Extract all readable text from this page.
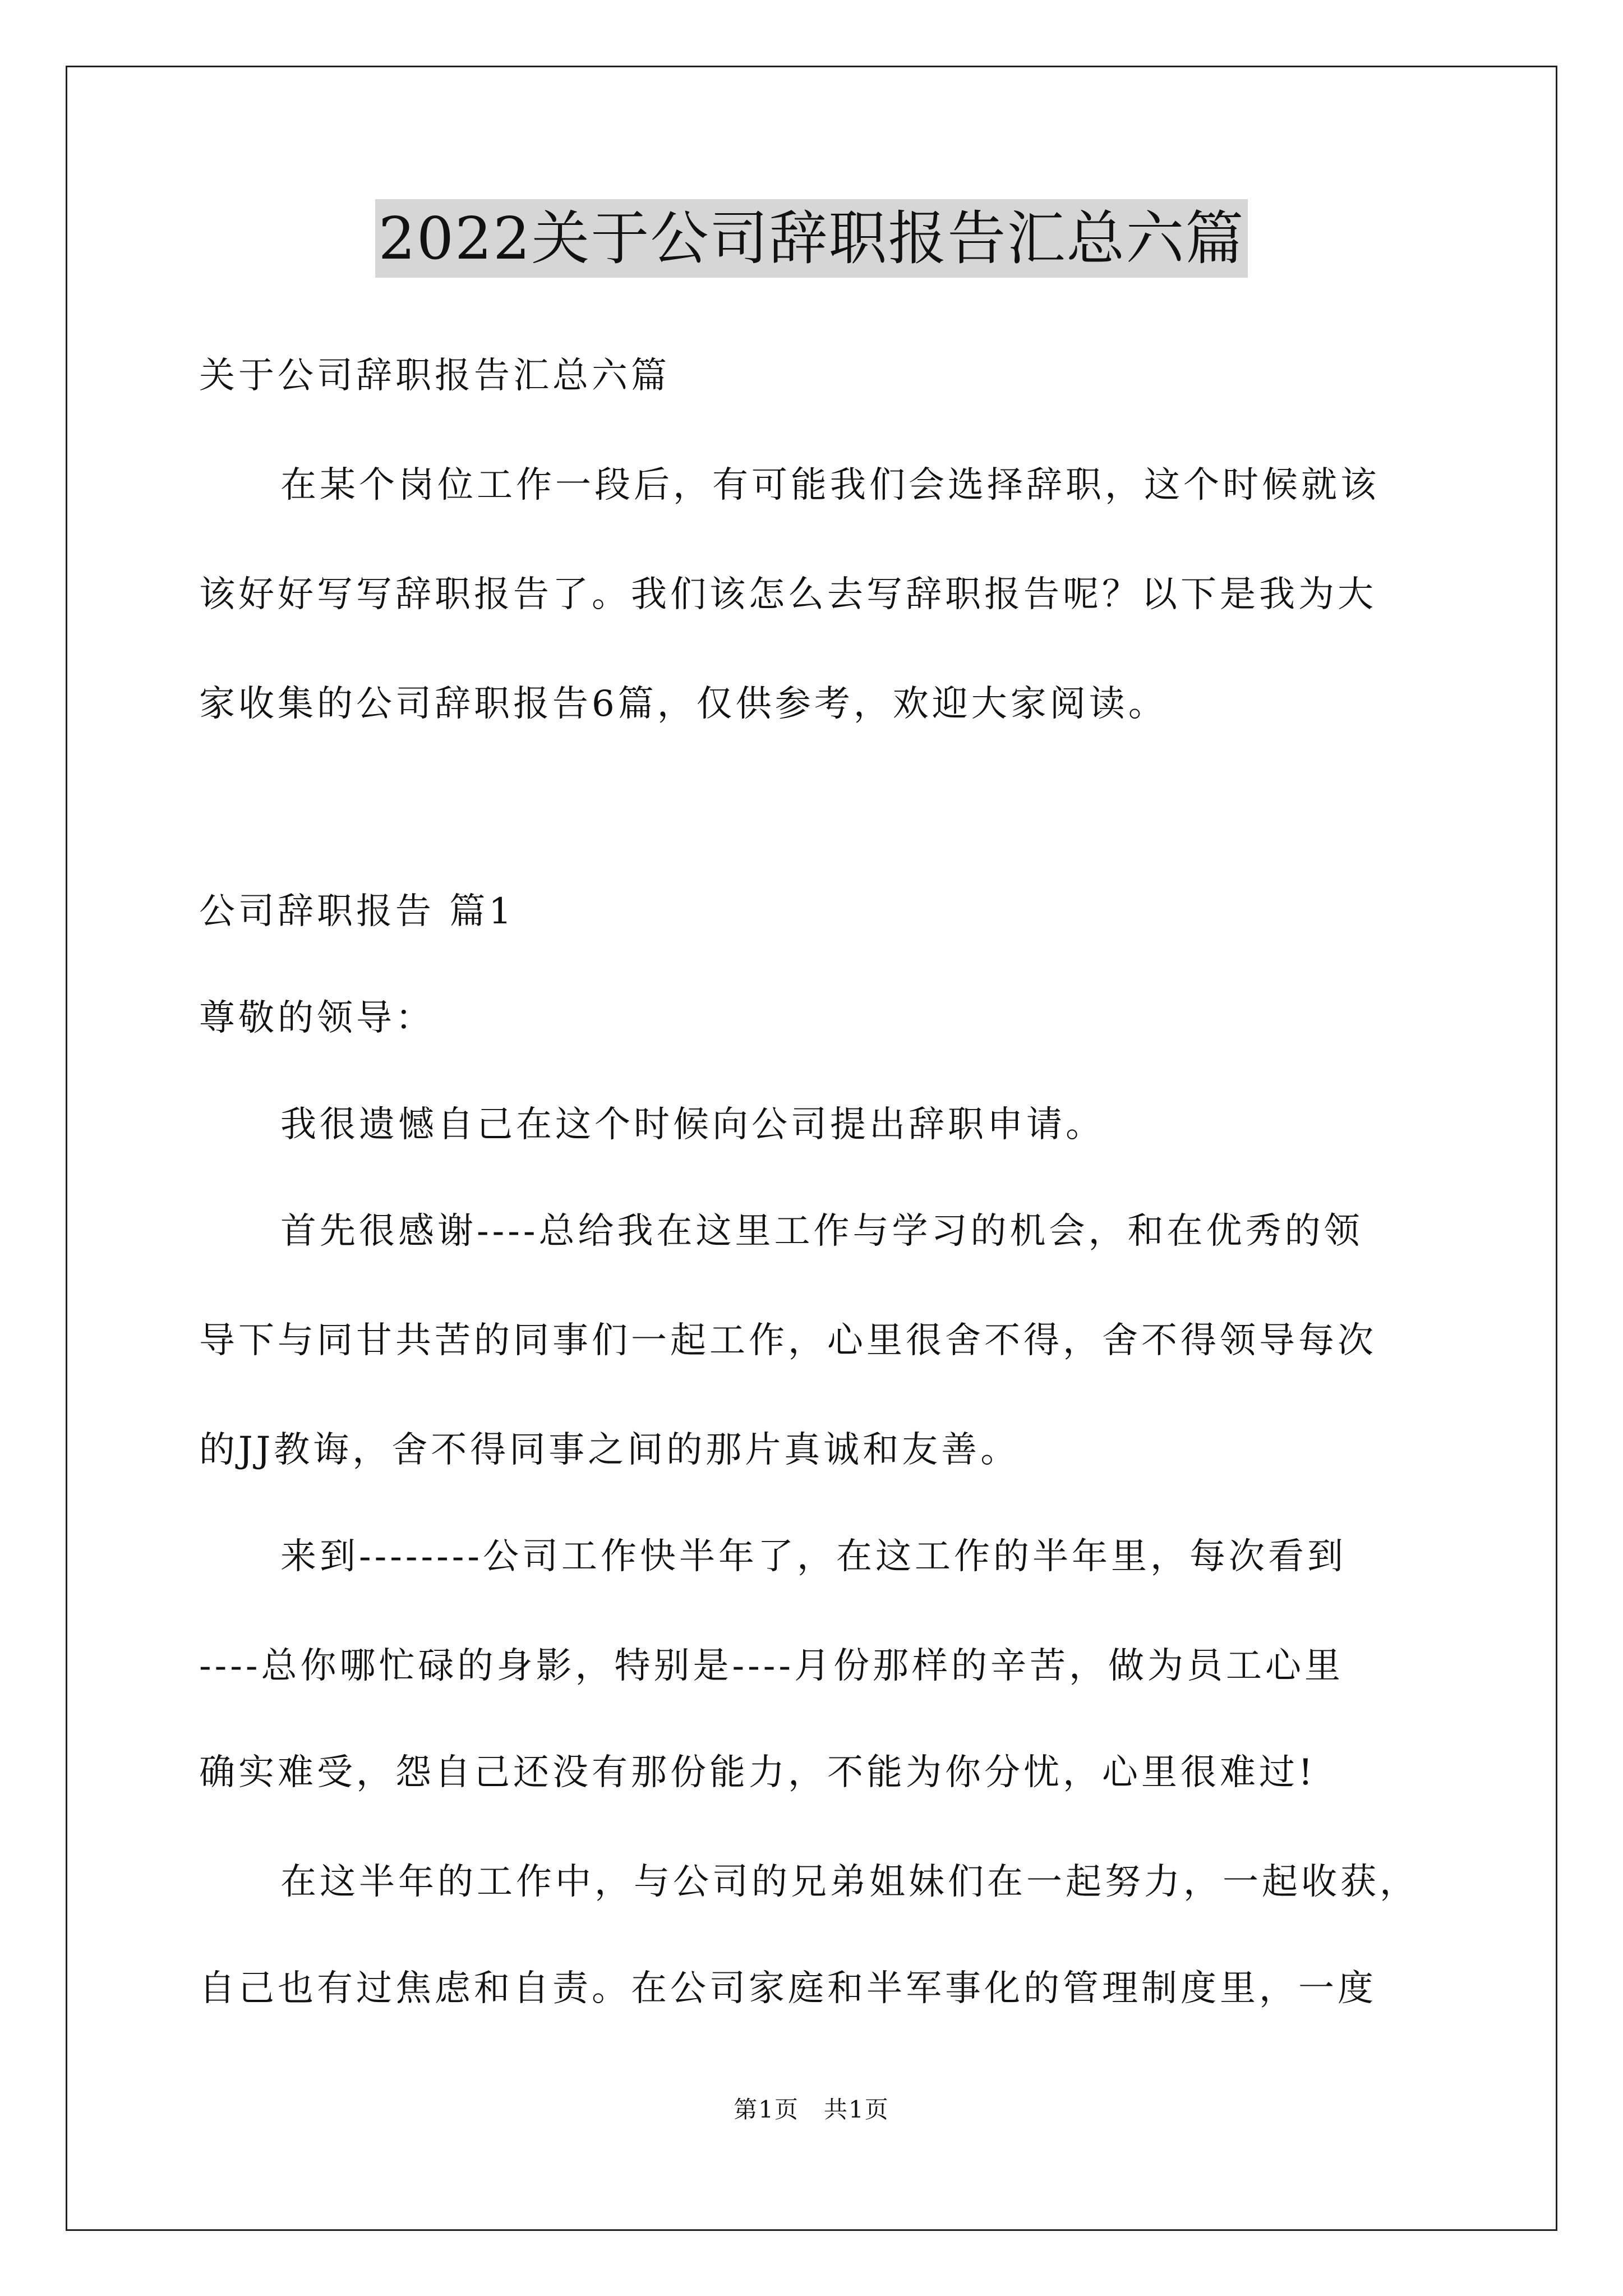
2022关于公司辞职报告汇总六篇
关于公司辞职报告汇总六篇
在某个岗位工作一段后，有可能我们会选择辞职，这个时候就该
该好好写写辞职报告了。我们该怎么去写辞职报告呢？以下是我为大
家收集的公司辞职报告6篇，仅供参考，欢迎大家阅读。
公司辞职报告 篇1
尊敬的领导：
我很遗憾自己在这个时候向公司提出辞职申请。
首先很感谢----总给我在这里工作与学习的机会，和在优秀的领
导下与同甘共苦的同事们一起工作，心里很舍不得，舍不得领导每次
的JJ教诲，舍不得同事之间的那片真诚和友善。
来到--------公司工作快半年了，在这工作的半年里，每次看到
----总你哪忙碌的身影，特别是----月份那样的辛苦，做为员工心里
确实难受，怨自己还没有那份能力，不能为你分忧，心里很难过!
在这半年的工作中，与公司的兄弟姐妹们在一起努力，一起收获，
自己也有过焦虑和自责。在公司家庭和半军事化的管理制度里，一度
第1页　共1页
